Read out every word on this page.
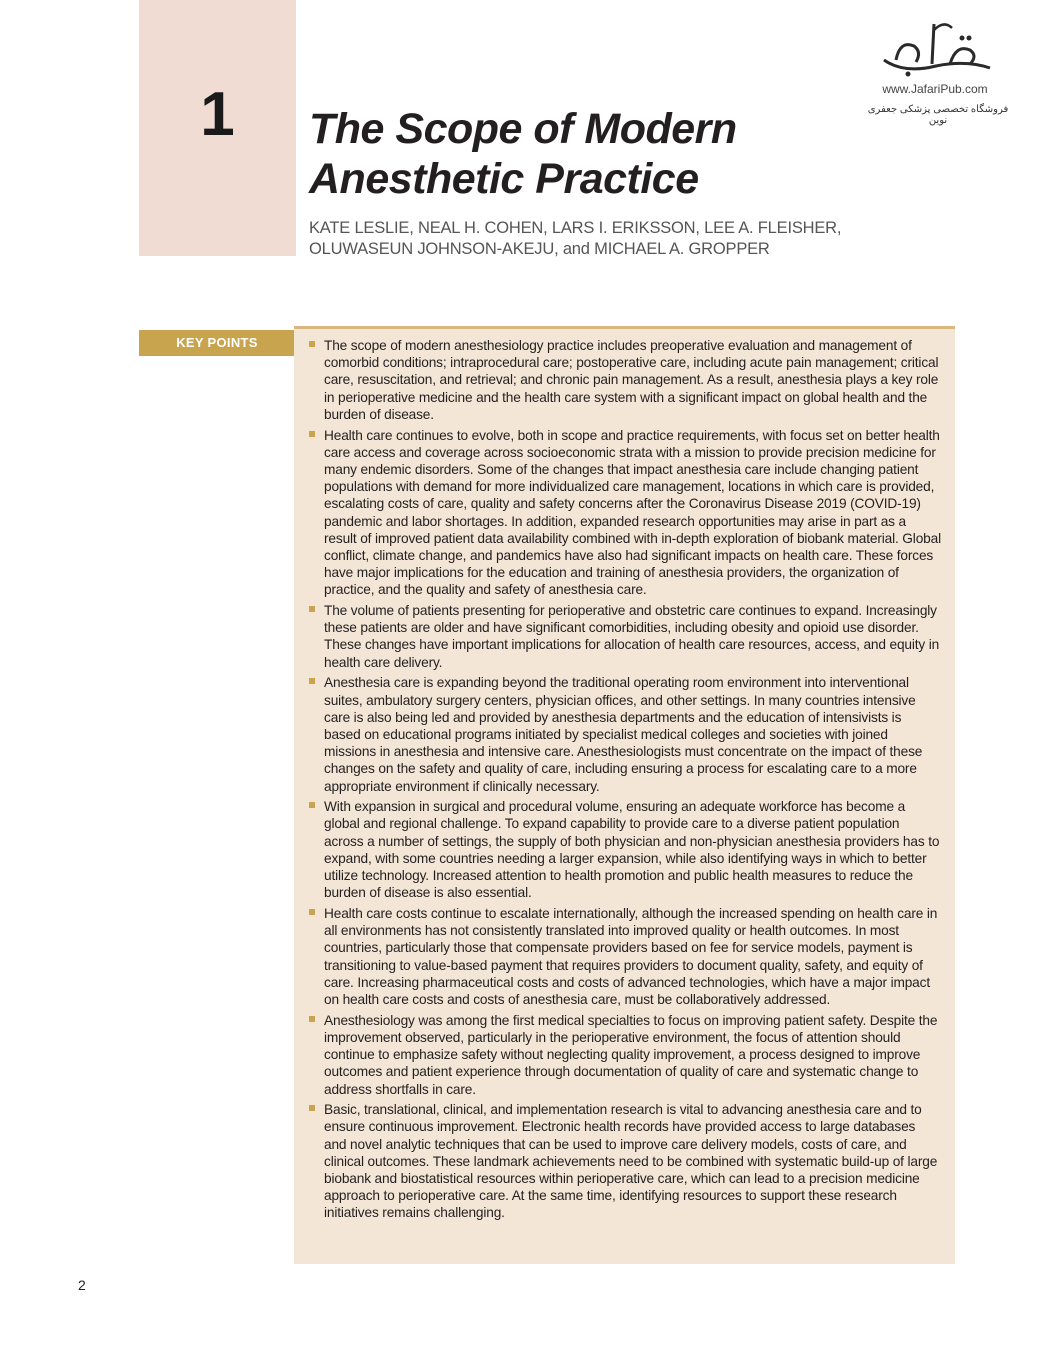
1	The Scope of Modern
Anesthetic Practice
KATE LESLIE, NEAL H. COHEN, LARS I. ERIKSSON, LEE A. FLEISHER,
OLUWASEUN JOHNSON-AKEJU, and MICHAEL A. GROPPER
www.JafariPub.com
فروشگاه تخصصی پزشکی جعفری نوین
KEY POINTS	The scope of modern anesthesiology practice includes preoperative evaluation and management of comorbid conditions; intraprocedural care; postoperative care, including acute pain management; critical care, resuscitation, and retrieval; and chronic pain management. As a result, anesthesia plays a key role in perioperative medicine and the health care system with a significant impact on global health and the burden of disease.
Health care continues to evolve, both in scope and practice requirements, with focus set on better health care access and coverage across socioeconomic strata with a mission to provide precision medicine for many endemic disorders. Some of the changes that impact anesthesia care include changing patient populations with demand for more individualized care management, locations in which care is provided, escalating costs of care, quality and safety concerns after the Coronavirus Disease 2019 (COVID-19) pandemic and labor shortages. In addition, expanded research opportunities may arise in part as a result of improved patient data availability combined with in-depth exploration of biobank material. Global conflict, climate change, and pandemics have also had significant impacts on health care. These forces have major implications for the education and training of anesthesia providers, the organization of practice, and the quality and safety of anesthesia care.
The volume of patients presenting for perioperative and obstetric care continues to expand. Increasingly these patients are older and have significant comorbidities, including obesity and opioid use disorder. These changes have important implications for allocation of health care resources, access, and equity in health care delivery.
Anesthesia care is expanding beyond the traditional operating room environment into interventional suites, ambulatory surgery centers, physician offices, and other settings. In many countries intensive care is also being led and provided by anesthesia departments and the education of intensivists is based on educational programs initiated by specialist medical colleges and societies with joined missions in anesthesia and intensive care. Anesthesiologists must concentrate on the impact of these changes on the safety and quality of care, including ensuring a process for escalating care to a more appropriate environment if clinically necessary.
With expansion in surgical and procedural volume, ensuring an adequate workforce has become a global and regional challenge. To expand capability to provide care to a diverse patient population across a number of settings, the supply of both physician and non-physician anesthesia providers has to expand, with some countries needing a larger expansion, while also identifying ways in which to better utilize technology. Increased attention to health promotion and public health measures to reduce the burden of disease is also essential.
Health care costs continue to escalate internationally, although the increased spending on health care in all environments has not consistently translated into improved quality or health outcomes. In most countries, particularly those that compensate providers based on fee for service models, payment is transitioning to value-based payment that requires providers to document quality, safety, and equity of care. Increasing pharmaceutical costs and costs of advanced technologies, which have a major impact on health care costs and costs of anesthesia care, must be collaboratively addressed.
Anesthesiology was among the first medical specialties to focus on improving patient safety. Despite the improvement observed, particularly in the perioperative environment, the focus of attention should continue to emphasize safety without neglecting quality improvement, a process designed to improve outcomes and patient experience through documentation of quality of care and systematic change to address shortfalls in care.
Basic, translational, clinical, and implementation research is vital to advancing anesthesia care and to ensure continuous improvement. Electronic health records have provided access to large databases and novel analytic techniques that can be used to improve care delivery models, costs of care, and clinical outcomes. These landmark achievements need to be combined with systematic build-up of large biobank and biostatistical resources within perioperative care, which can lead to a precision medicine approach to perioperative care. At the same time, identifying resources to support these research initiatives remains challenging.
2
